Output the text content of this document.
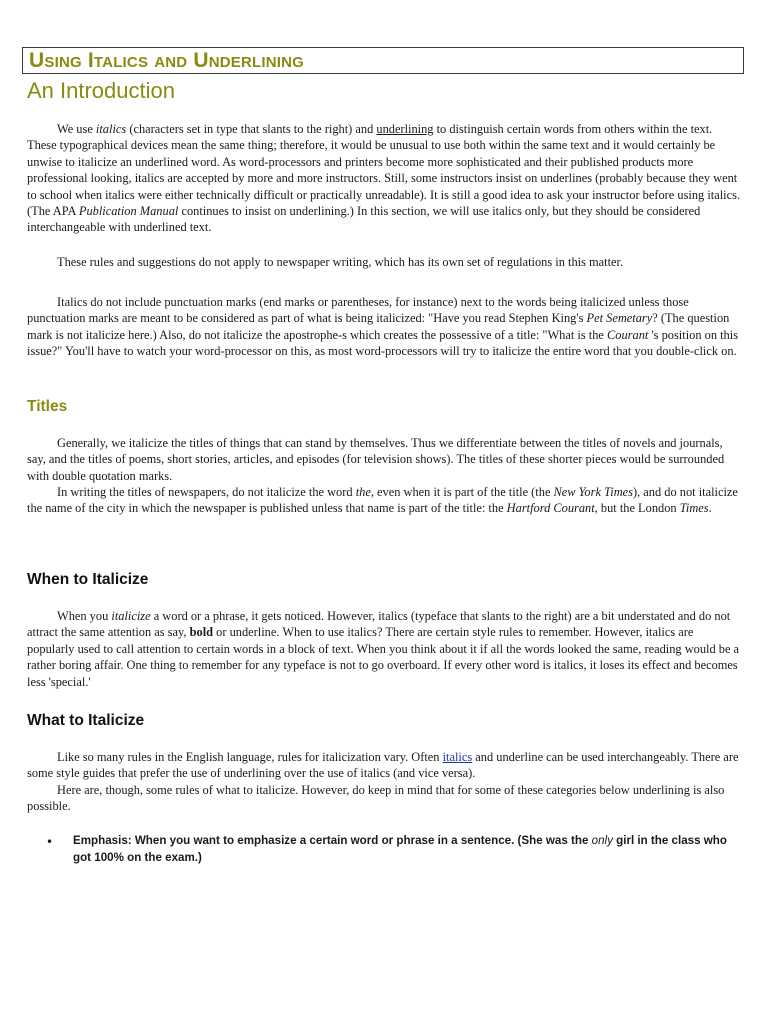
Using Italics and Underlining
An Introduction

We use italics (characters set in type that slants to the right) and underlining to distinguish certain words from others within the text. These typographical devices mean the same thing; therefore, it would be unusual to use both within the same text and it would certainly be unwise to italicize an underlined word. As word-processors and printers become more sophisticated and their published products more professional looking, italics are accepted by more and more instructors. Still, some instructors insist on underlines (probably because they went to school when italics were either technically difficult or practically unreadable). It is still a good idea to ask your instructor before using italics. (The APA Publication Manual continues to insist on underlining.) In this section, we will use italics only, but they should be considered interchangeable with underlined text.

These rules and suggestions do not apply to newspaper writing, which has its own set of regulations in this matter.

Italics do not include punctuation marks (end marks or parentheses, for instance) next to the words being italicized unless those punctuation marks are meant to be considered as part of what is being italicized: "Have you read Stephen King's Pet Semetary? (The question mark is not italicize here.) Also, do not italicize the apostrophe-s which creates the possessive of a title: "What is the Courant 's position on this issue?" You'll have to watch your word-processor on this, as most word-processors will try to italicize the entire word that you double-click on.

Titles

Generally, we italicize the titles of things that can stand by themselves. Thus we differentiate between the titles of novels and journals, say, and the titles of poems, short stories, articles, and episodes (for television shows). The titles of these shorter pieces would be surrounded with double quotation marks.

In writing the titles of newspapers, do not italicize the word the, even when it is part of the title (the New York Times), and do not italicize the name of the city in which the newspaper is published unless that name is part of the title: the Hartford Courant, but the London Times.

When to Italicize

When you italicize a word or a phrase, it gets noticed. However, italics (typeface that slants to the right) are a bit understated and do not attract the same attention as say, bold or underline. When to use italics? There are certain style rules to remember. However, italics are popularly used to call attention to certain words in a block of text. When you think about it if all the words looked the same, reading would be a rather boring affair. One thing to remember for any typeface is not to go overboard. If every other word is italics, it loses its effect and becomes less 'special.'

What to Italicize

Like so many rules in the English language, rules for italicization vary. Often italics and underline can be used interchangeably. There are some style guides that prefer the use of underlining over the use of italics (and vice versa).

Here are, though, some rules of what to italicize. However, do keep in mind that for some of these categories below underlining is also possible.

• Emphasis: When you want to emphasize a certain word or phrase in a sentence. (She was the only girl in the class who got 100% on the exam.)
